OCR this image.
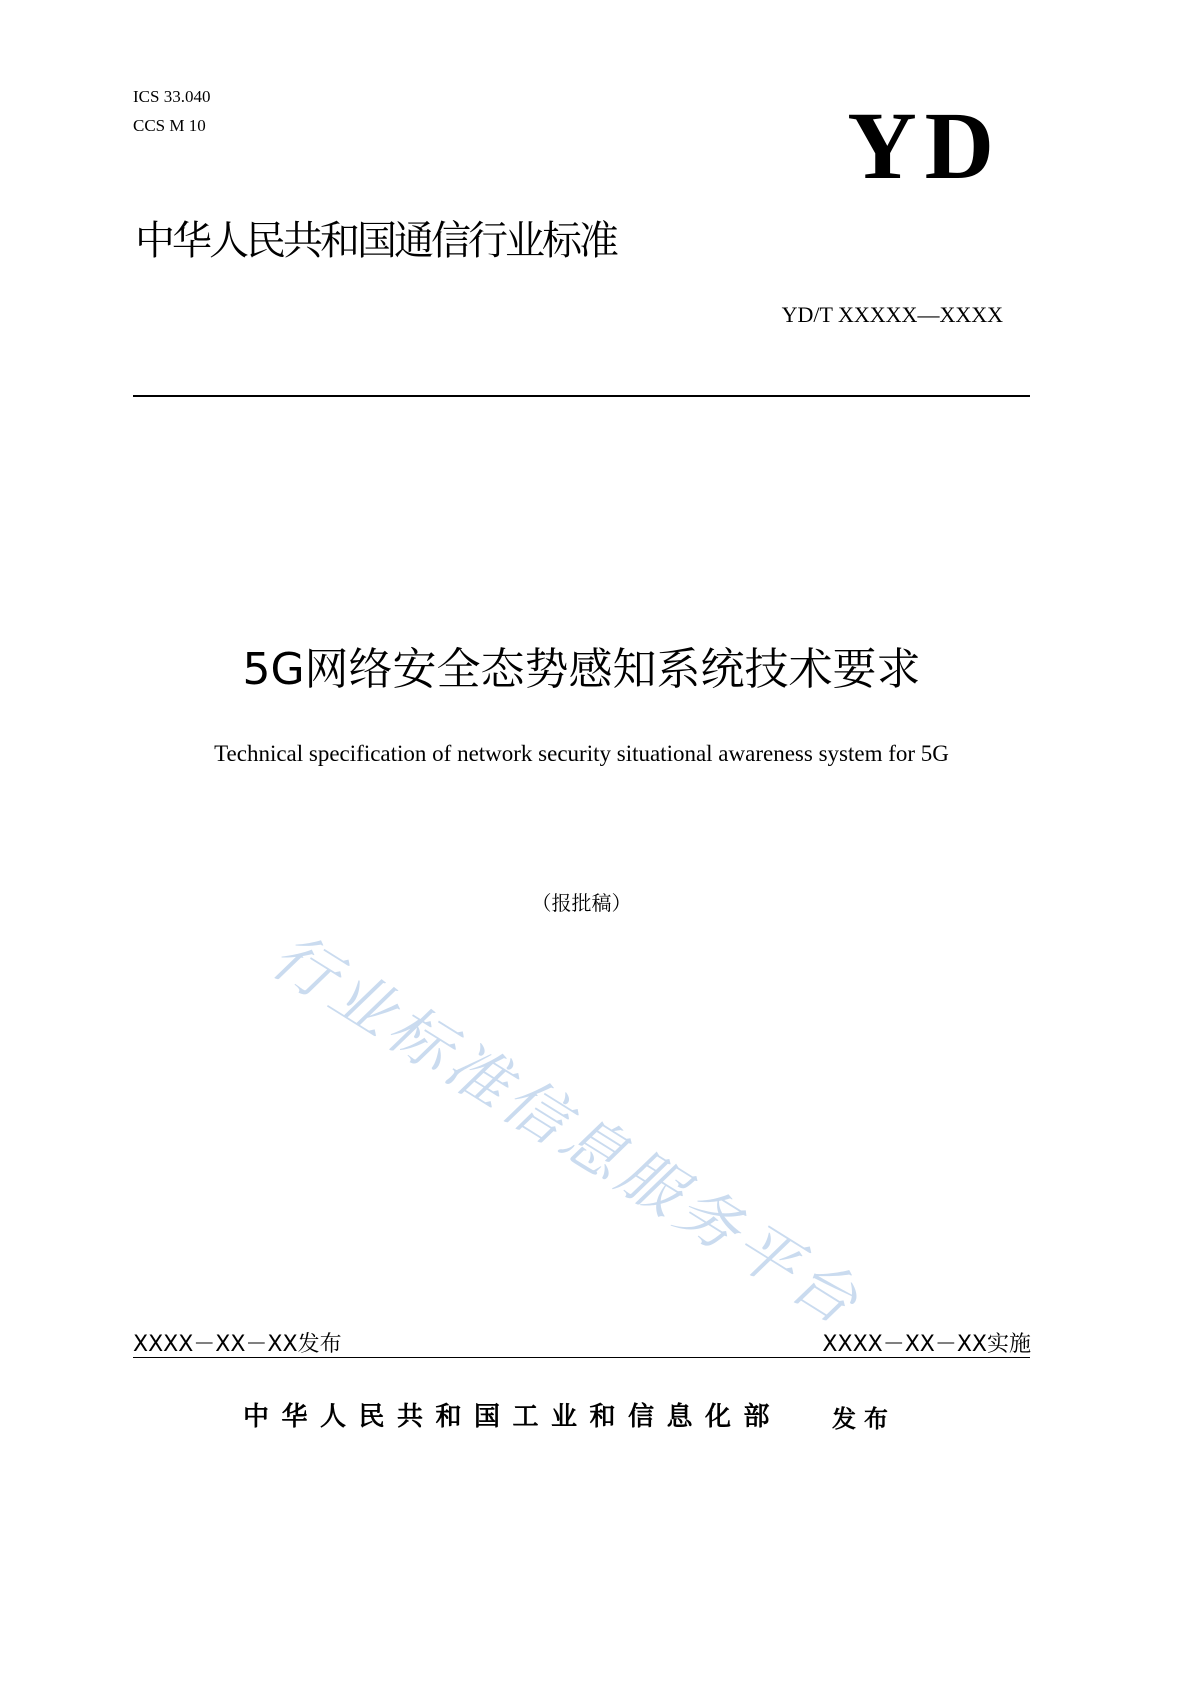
ICS 33.040
CCS M 10	YD
中华人民共和国通信行业标准
YD/T XXXXX—XXXX
5G网络安全态势感知系统技术要求
Technical specification of network security situational awareness system for 5G
（报批稿）
行业标准信息服务平台
XXXX－XX－XX发布	XXXX－XX－XX实施
中华人民共和国工业和信息化部 发布
